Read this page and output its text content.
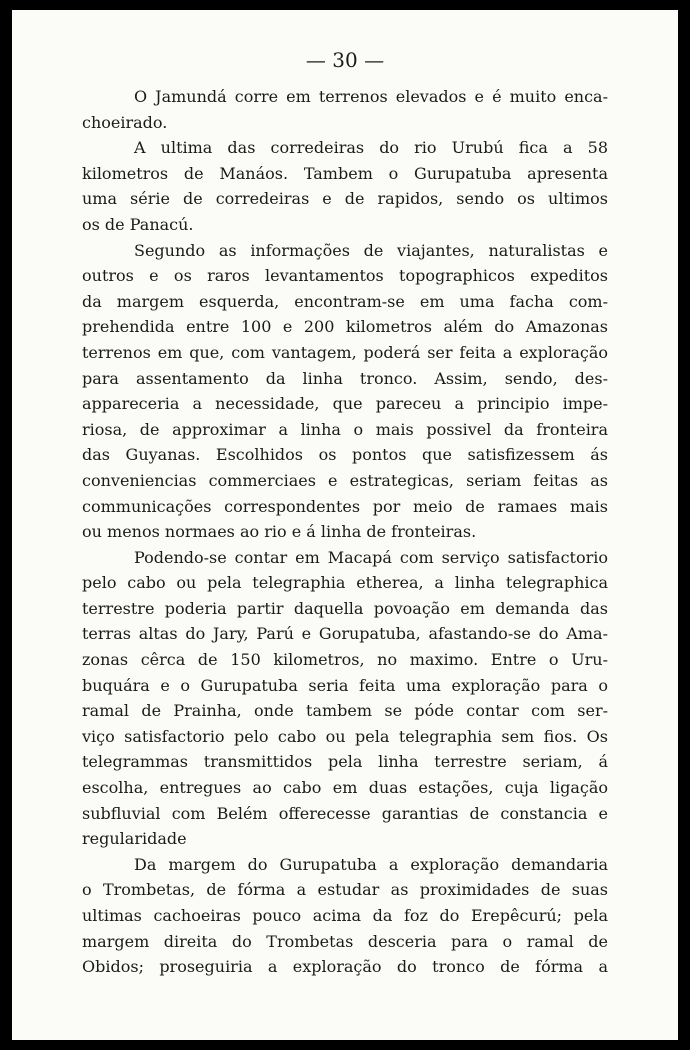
— 30 —
O Jamundá corre em terrenos elevados e é muito enca-
choeirado.
A ultima das corredeiras do rio Urubú fica a 58
kilometros de Manáos. Tambem o Gurupatuba apresenta
uma série de corredeiras e de rapidos, sendo os ultimos
os de Panacú.
Segundo as informações de viajantes, naturalistas e
outros e os raros levantamentos topographicos expeditos
da margem esquerda, encontram-se em uma facha com-
prehendida entre 100 e 200 kilometros além do Amazonas
terrenos em que, com vantagem, poderá ser feita a exploração
para assentamento da linha tronco. Assim, sendo, des-
appareceria a necessidade, que pareceu a principio impe-
riosa, de approximar a linha o mais possivel da fronteira
das Guyanas. Escolhidos os pontos que satisfizessem ás
conveniencias commerciaes e estrategicas, seriam feitas as
communicações correspondentes por meio de ramaes mais
ou menos normaes ao rio e á linha de fronteiras.
Podendo-se contar em Macapá com serviço satisfactorio
pelo cabo ou pela telegraphia etherea, a linha telegraphica
terrestre poderia partir daquella povoação em demanda das
terras altas do Jary, Parú e Gorupatuba, afastando-se do Ama-
zonas cêrca de 150 kilometros, no maximo. Entre o Uru-
buquára e o Gurupatuba seria feita uma exploração para o
ramal de Prainha, onde tambem se póde contar com ser-
viço satisfactorio pelo cabo ou pela telegraphia sem fios. Os
telegrammas transmittidos pela linha terrestre seriam, á
escolha, entregues ao cabo em duas estações, cuja ligação
subfluvial com Belém offerecesse garantias de constancia e
regularidade
Da margem do Gurupatuba a exploração demandaria
o Trombetas, de fórma a estudar as proximidades de suas
ultimas cachoeiras pouco acima da foz do Erepêcurú; pela
margem direita do Trombetas desceria para o ramal de
Obidos; proseguiria a exploração do tronco de fórma a
